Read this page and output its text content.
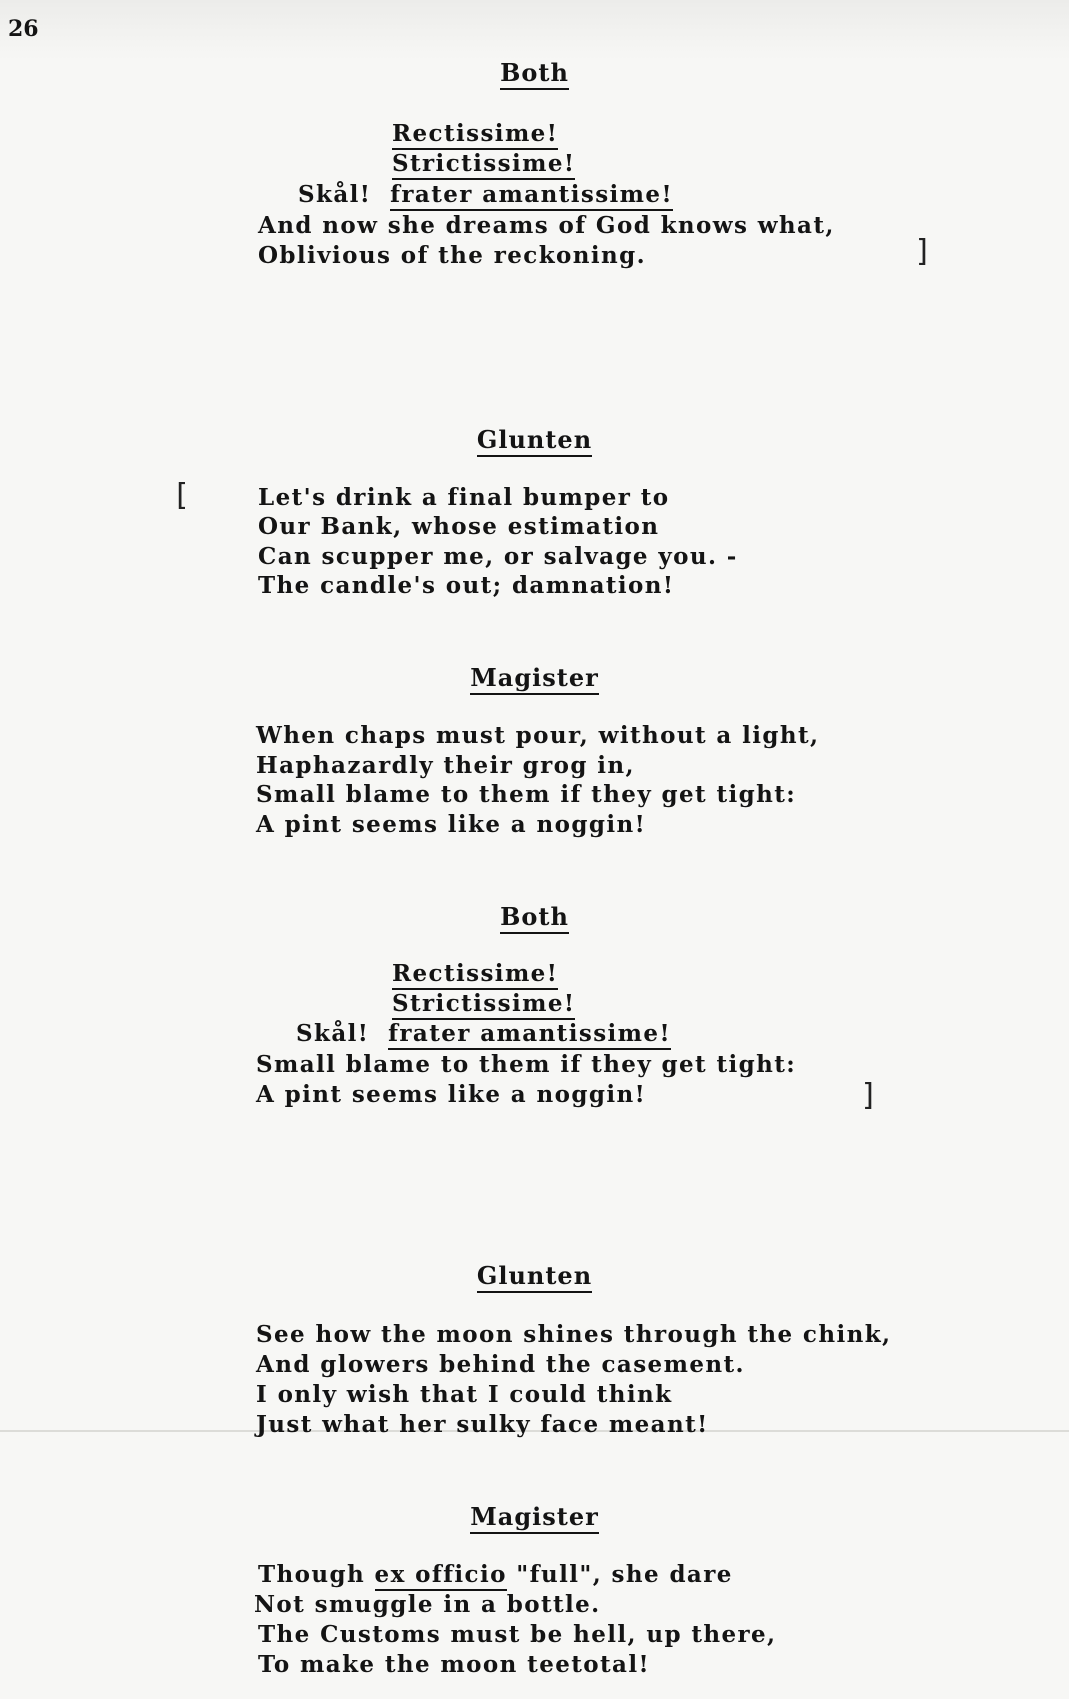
26
Both
Rectissime!
Strictissime!
Skål! frater amantissime!
And now she dreams of God knows what,
Oblivious of the reckoning.	]
Glunten
[	Let's drink a final bumper to
Our Bank, whose estimation
Can scupper me, or salvage you. -
The candle's out; damnation!
Magister
When chaps must pour, without a light,
Haphazardly their grog in,
Small blame to them if they get tight:
A pint seems like a noggin!
Both
Rectissime!
Strictissime!
Skål! frater amantissime!
Small blame to them if they get tight:
A pint seems like a noggin!	]
Glunten
See how the moon shines through the chink,
And glowers behind the casement.
I only wish that I could think
Just what her sulky face meant!
Magister
Though ex officio "full", she dare
Not smuggle in a bottle.
The Customs must be hell, up there,
To make the moon teetotal!
